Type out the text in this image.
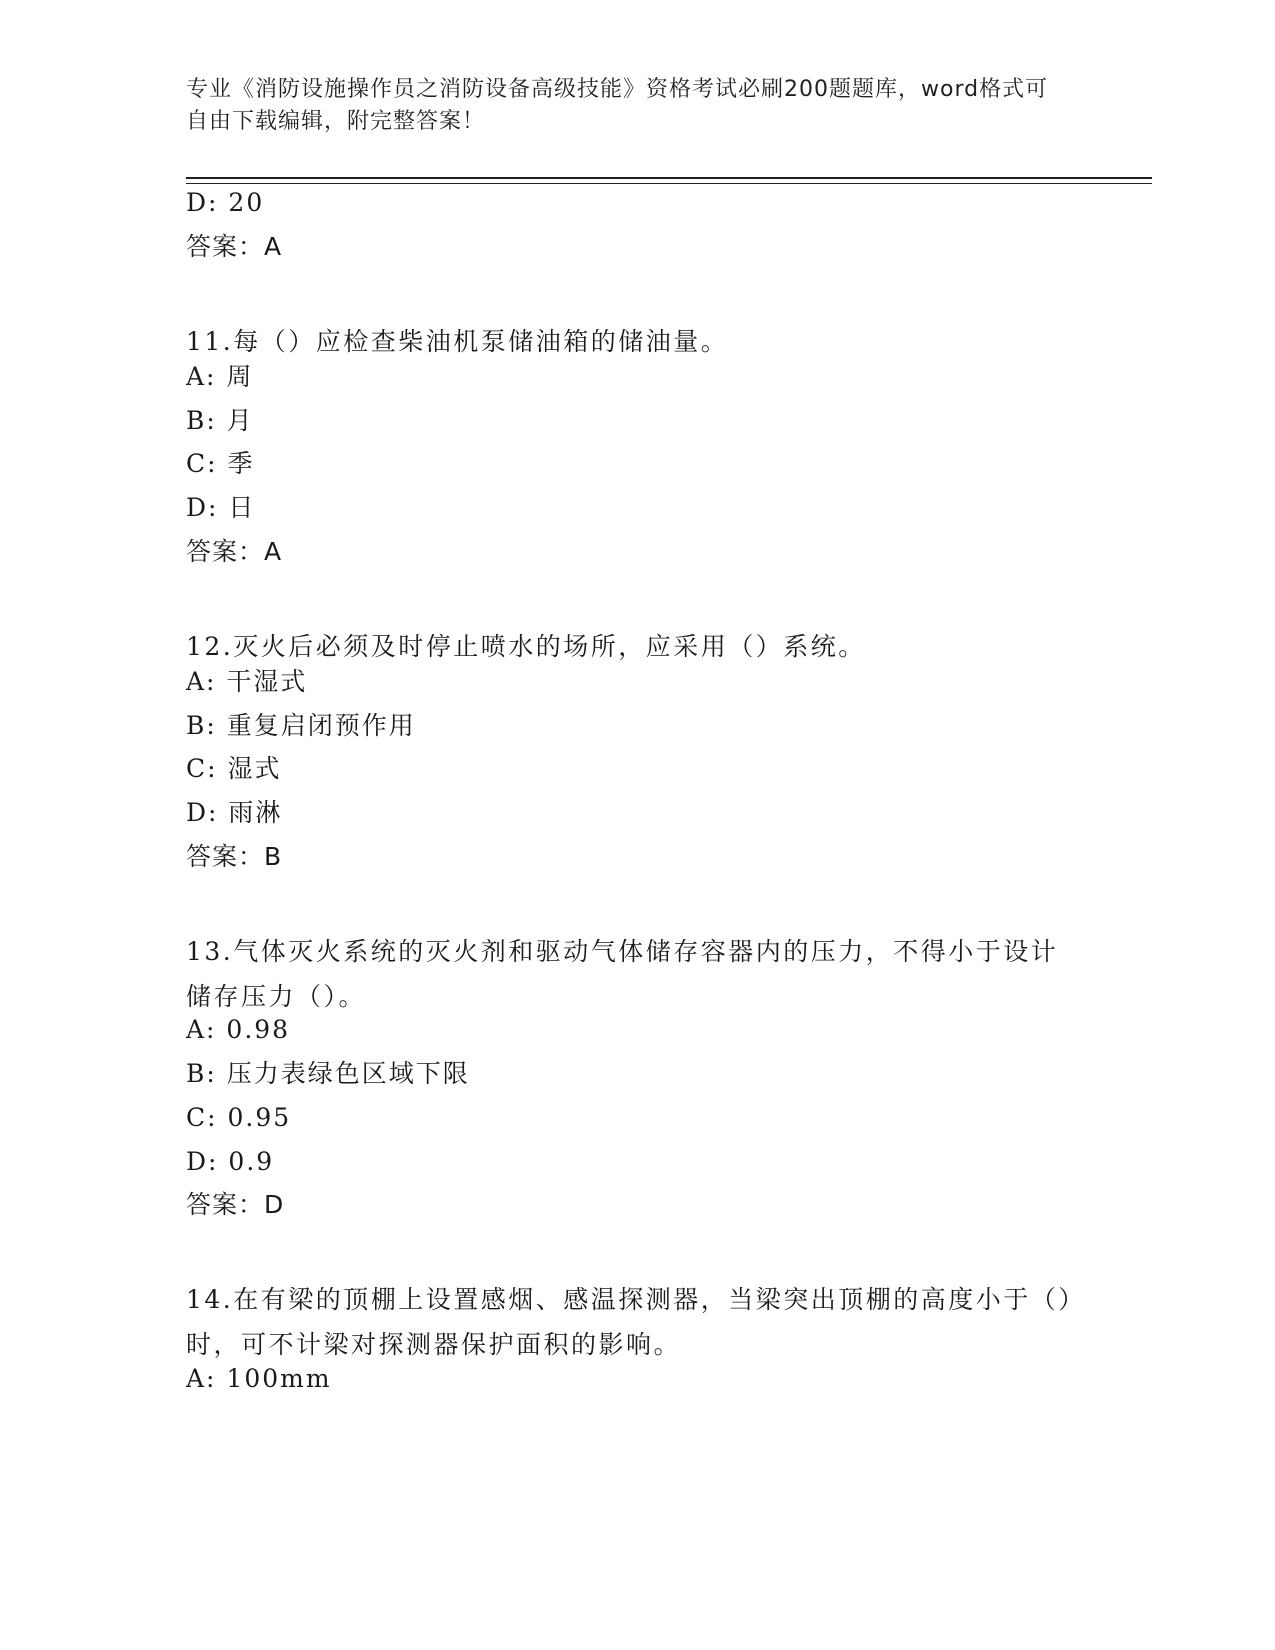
专业《消防设施操作员之消防设备高级技能》资格考试必刷200题题库，word格式可自由下载编辑，附完整答案！
D: 20
答案：A
11.每（）应检查柴油机泵储油箱的储油量。
A: 周
B: 月
C: 季
D: 日
答案：A
12.灭火后必须及时停止喷水的场所，应采用（）系统。
A: 干湿式
B: 重复启闭预作用
C: 湿式
D: 雨淋
答案：B
13.气体灭火系统的灭火剂和驱动气体储存容器内的压力，不得小于设计储存压力（）。
A: 0.98
B: 压力表绿色区域下限
C: 0.95
D: 0.9
答案：D
14.在有梁的顶棚上设置感烟、感温探测器，当梁突出顶棚的高度小于（）时，可不计梁对探测器保护面积的影响。
A: 100mm
